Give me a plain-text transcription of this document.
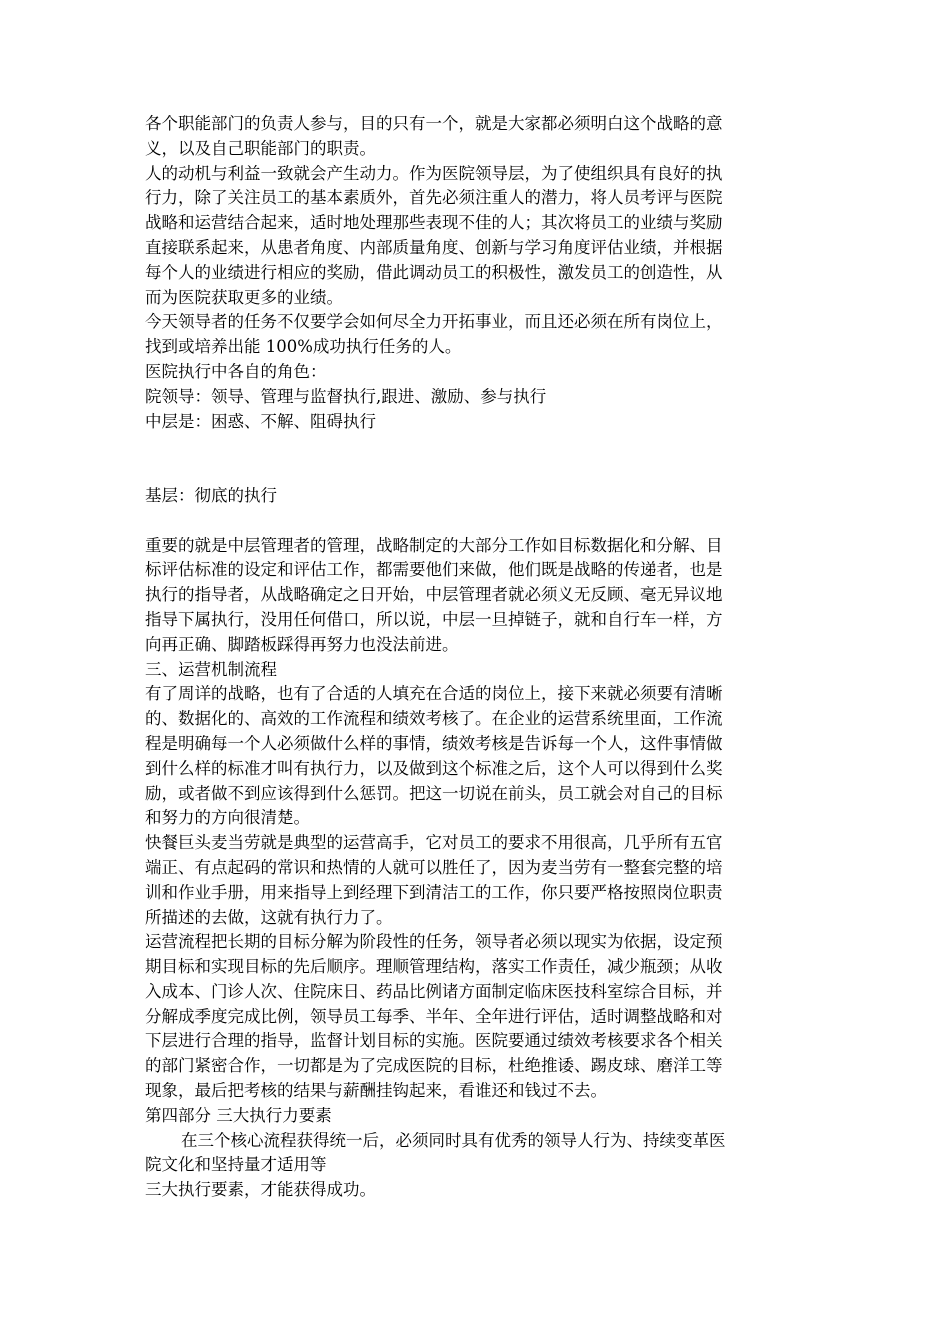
各个职能部门的负责人参与，目的只有一个，就是大家都必须明白这个战略的意
义，以及自己职能部门的职责。
人的动机与利益一致就会产生动力。作为医院领导层，为了使组织具有良好的执
行力，除了关注员工的基本素质外，首先必须注重人的潜力，将人员考评与医院
战略和运营结合起来，适时地处理那些表现不佳的人；其次将员工的业绩与奖励
直接联系起来，从患者角度、内部质量角度、创新与学习角度评估业绩，并根据
每个人的业绩进行相应的奖励，借此调动员工的积极性，激发员工的创造性，从
而为医院获取更多的业绩。
今天领导者的任务不仅要学会如何尽全力开拓事业，而且还必须在所有岗位上，
找到或培养出能 100%成功执行任务的人。
医院执行中各自的角色：
院领导：领导、管理与监督执行,跟进、激励、参与执行
中层是：困惑、不解、阻碍执行
基层：彻底的执行
重要的就是中层管理者的管理，战略制定的大部分工作如目标数据化和分解、目
标评估标准的设定和评估工作，都需要他们来做，他们既是战略的传递者，也是
执行的指导者，从战略确定之日开始，中层管理者就必须义无反顾、毫无异议地
指导下属执行，没用任何借口，所以说，中层一旦掉链子，就和自行车一样，方
向再正确、脚踏板踩得再努力也没法前进。
三、运营机制流程
有了周详的战略，也有了合适的人填充在合适的岗位上，接下来就必须要有清晰
的、数据化的、高效的工作流程和绩效考核了。在企业的运营系统里面，工作流
程是明确每一个人必须做什么样的事情，绩效考核是告诉每一个人，这件事情做
到什么样的标准才叫有执行力，以及做到这个标准之后，这个人可以得到什么奖
励，或者做不到应该得到什么惩罚。把这一切说在前头，员工就会对自己的目标
和努力的方向很清楚。
快餐巨头麦当劳就是典型的运营高手，它对员工的要求不用很高，几乎所有五官
端正、有点起码的常识和热情的人就可以胜任了，因为麦当劳有一整套完整的培
训和作业手册，用来指导上到经理下到清洁工的工作，你只要严格按照岗位职责
所描述的去做，这就有执行力了。
运营流程把长期的目标分解为阶段性的任务，领导者必须以现实为依据，设定预
期目标和实现目标的先后顺序。理顺管理结构，落实工作责任，减少瓶颈；从收
入成本、门诊人次、住院床日、药品比例诸方面制定临床医技科室综合目标，并
分解成季度完成比例，领导员工每季、半年、全年进行评估，适时调整战略和对
下层进行合理的指导，监督计划目标的实施。医院要通过绩效考核要求各个相关
的部门紧密合作，一切都是为了完成医院的目标，杜绝推诿、踢皮球、磨洋工等
现象，最后把考核的结果与薪酬挂钩起来，看谁还和钱过不去。
第四部分 三大执行力要素
在三个核心流程获得统一后，必须同时具有优秀的领导人行为、持续变革医
院文化和坚持量才适用等
三大执行要素，才能获得成功。
